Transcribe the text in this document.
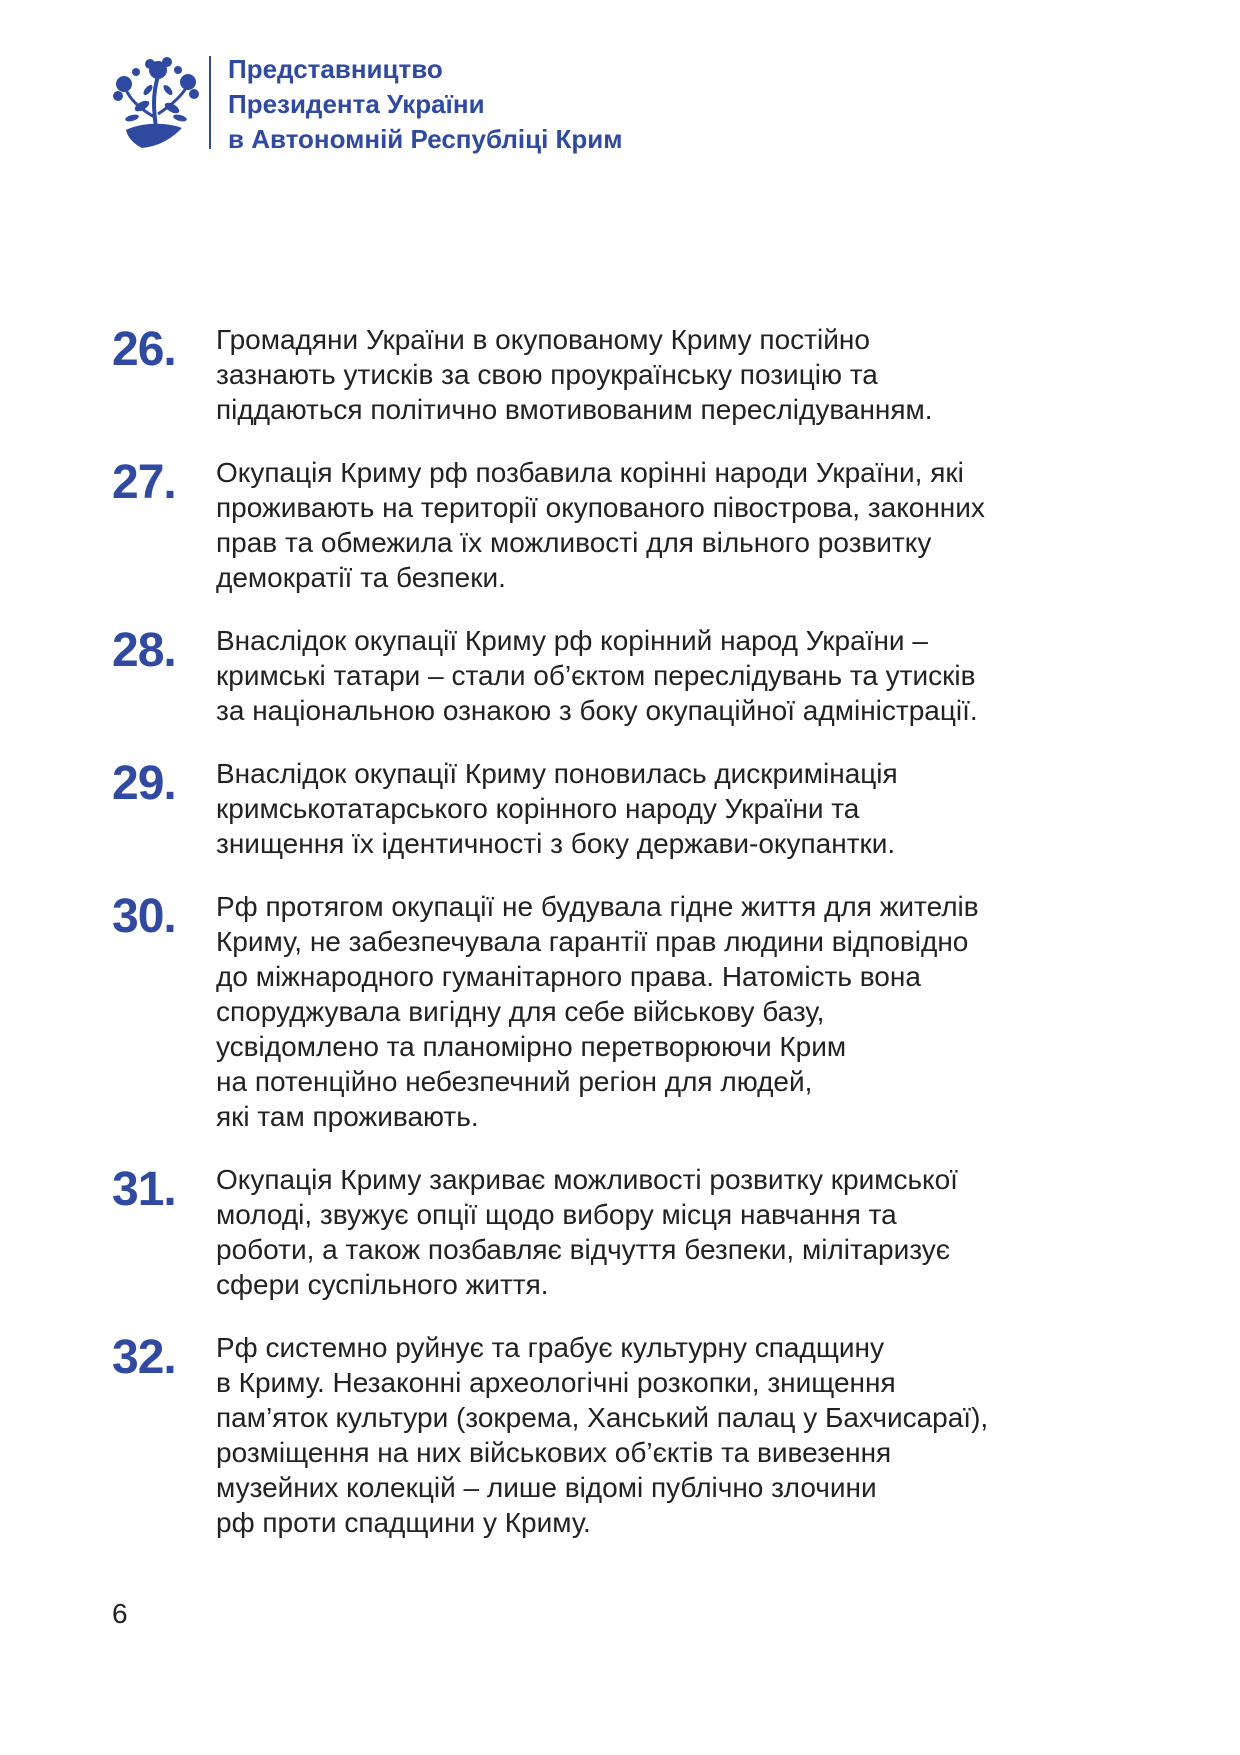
Представництво
Президента України
в Автономній Республіці Крим
26. Громадяни України в окупованому Криму постійно
зазнають утисків за свою проукраїнську позицію та
піддаються політично вмотивованим переслідуванням.
27. Окупація Криму рф позбавила корінні народи України, які
проживають на території окупованого півострова, законних
прав та обмежила їх можливості для вільного розвитку
демократії та безпеки.
28. Внаслідок окупації Криму рф корінний народ України –
кримські татари – стали об’єктом переслідувань та утисків
за національною ознакою з боку окупаційної адміністрації.
29. Внаслідок окупації Криму поновилась дискримінація
кримськотатарського корінного народу України та
знищення їх ідентичності з боку держави-окупантки.
30. Рф протягом окупації не будувала гідне життя для жителів
Криму, не забезпечувала гарантії прав людини відповідно
до міжнародного гуманітарного права. Натомість вона
споруджувала вигідну для себе військову базу,
усвідомлено та планомірно перетворюючи Крим
на потенційно небезпечний регіон для людей,
які там проживають.
31. Окупація Криму закриває можливості розвитку кримської
молоді, звужує опції щодо вибору місця навчання та
роботи, а також позбавляє відчуття безпеки, мілітаризує
сфери суспільного життя.
32. Рф системно руйнує та грабує культурну спадщину
в Криму. Незаконні археологічні розкопки, знищення
пам’яток культури (зокрема, Ханський палац у Бахчисараї),
розміщення на них військових об’єктів та вивезення
музейних колекцій – лише відомі публічно злочини
рф проти спадщини у Криму.
6
